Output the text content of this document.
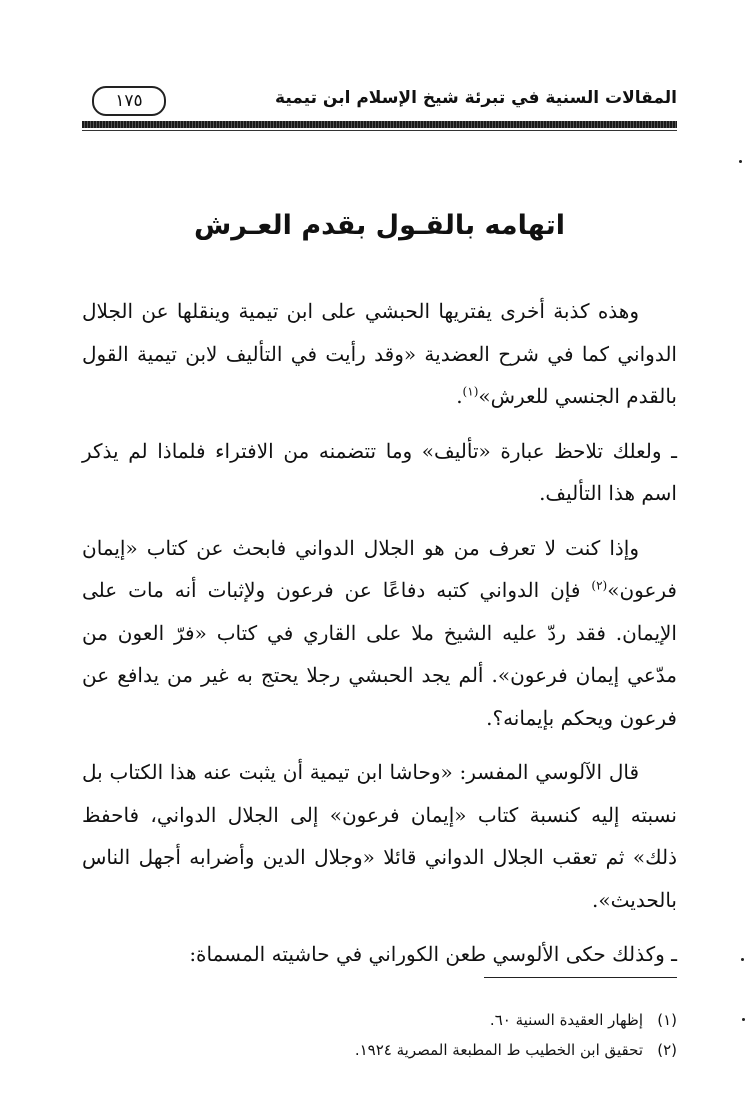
المقالات السنية في تبرئة شيخ الإسلام ابن تيمية
١٧٥
اتهامه بالقـول بقدم العـرش

وهذه كذبة أخرى يفتريها الحبشي على ابن تيمية وينقلها عن الجلال الدواني كما في شرح العضدية «وقد رأيت في التأليف لابن تيمية القول بالقدم الجنسي للعرش»$^{(١)}$.

ـ ولعلك تلاحظ عبارة «تأليف» وما تتضمنه من الافتراء فلماذا لم يذكر اسم هذا التأليف.

وإذا كنت لا تعرف من هو الجلال الدواني فابحث عن كتاب «إيمان فرعون»$^{(٢)}$ فإن الدواني كتبه دفاعًا عن فرعون ولإثبات أنه مات على الإيمان. فقد ردّ عليه الشيخ ملا على القاري في كتاب «فرّ العون من مدّعي إيمان فرعون». ألم يجد الحبشي رجلا يحتج به غير من يدافع عن فرعون ويحكم بإيمانه؟.

قال الآلوسي المفسر: «وحاشا ابن تيمية أن يثبت عنه هذا الكتاب بل نسبته إليه كنسبة كتاب «إيمان فرعون» إلى الجلال الدواني، فاحفظ ذلك» ثم تعقب الجلال الدواني قائلا «وجلال الدين وأضرابه أجهل الناس بالحديث».

ـ وكذلك حكى الألوسي طعن الكوراني في حاشيته المسماة:

(١)إظهار العقيدة السنية ٦٠.
(٢)تحقيق ابن الخطيب ط المطبعة المصرية ١٩٢٤.
